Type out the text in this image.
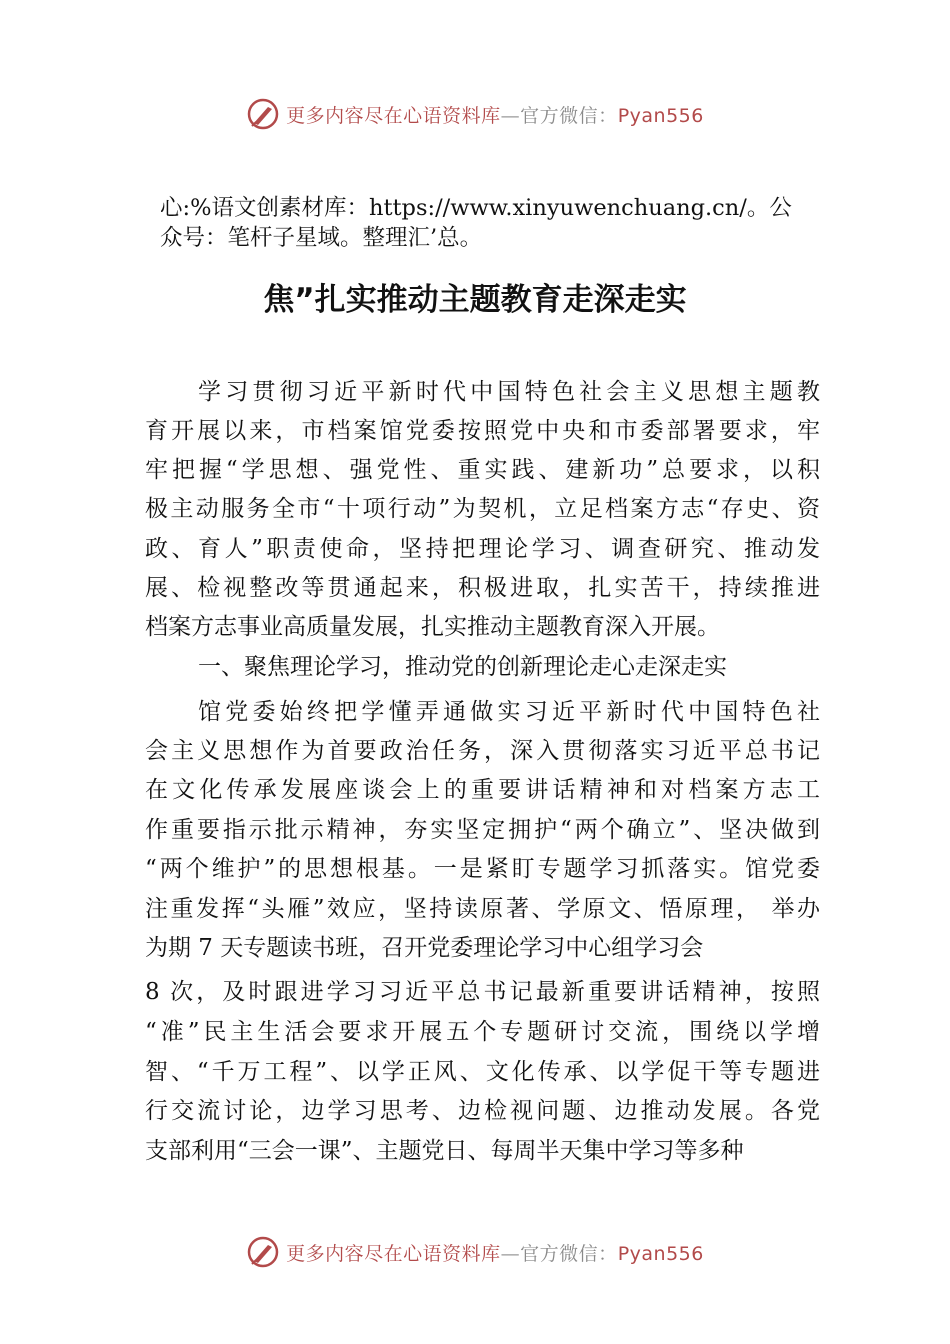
更多内容尽在心语资料库—官方微信：Pyan556

心:%语文创素材库：https://www.xinyuwenchuang.cn/。公

众号：笔杆子星域。整理汇’总。

焦”扎实推动主题教育走深走实

学习贯彻习近平新时代中国特色社会主义思想主题教

育开展以来，市档案馆党委按照党中央和市委部署要求，牢

牢把握“学思想、强党性、重实践、建新功”总要求，以积

极主动服务全市“十项行动”为契机，立足档案方志“存史、资

政、育人”职责使命，坚持把理论学习、调查研究、推动发

展、检视整改等贯通起来，积极进取，扎实苦干，持续推进

档案方志事业高质量发展，扎实推动主题教育深入开展。

一、聚焦理论学习，推动党的创新理论走心走深走实

馆党委始终把学懂弄通做实习近平新时代中国特色社

会主义思想作为首要政治任务，深入贯彻落实习近平总书记

在文化传承发展座谈会上的重要讲话精神和对档案方志工

作重要指示批示精神，夯实坚定拥护“两个确立”、坚决做到

“两个维护”的思想根基。一是紧盯专题学习抓落实。馆党委

注重发挥“头雁”效应，坚持读原著、学原文、悟原理， 举办

为期 7 天专题读书班，召开党委理论学习中心组学习会

8 次，及时跟进学习习近平总书记最新重要讲话精神，按照

“准”民主生活会要求开展五个专题研讨交流，围绕以学增

智、“千万工程”、以学正风、文化传承、以学促干等专题进

行交流讨论，边学习思考、边检视问题、边推动发展。各党

支部利用“三会一课”、主题党日、每周半天集中学习等多种

更多内容尽在心语资料库—官方微信：Pyan556
